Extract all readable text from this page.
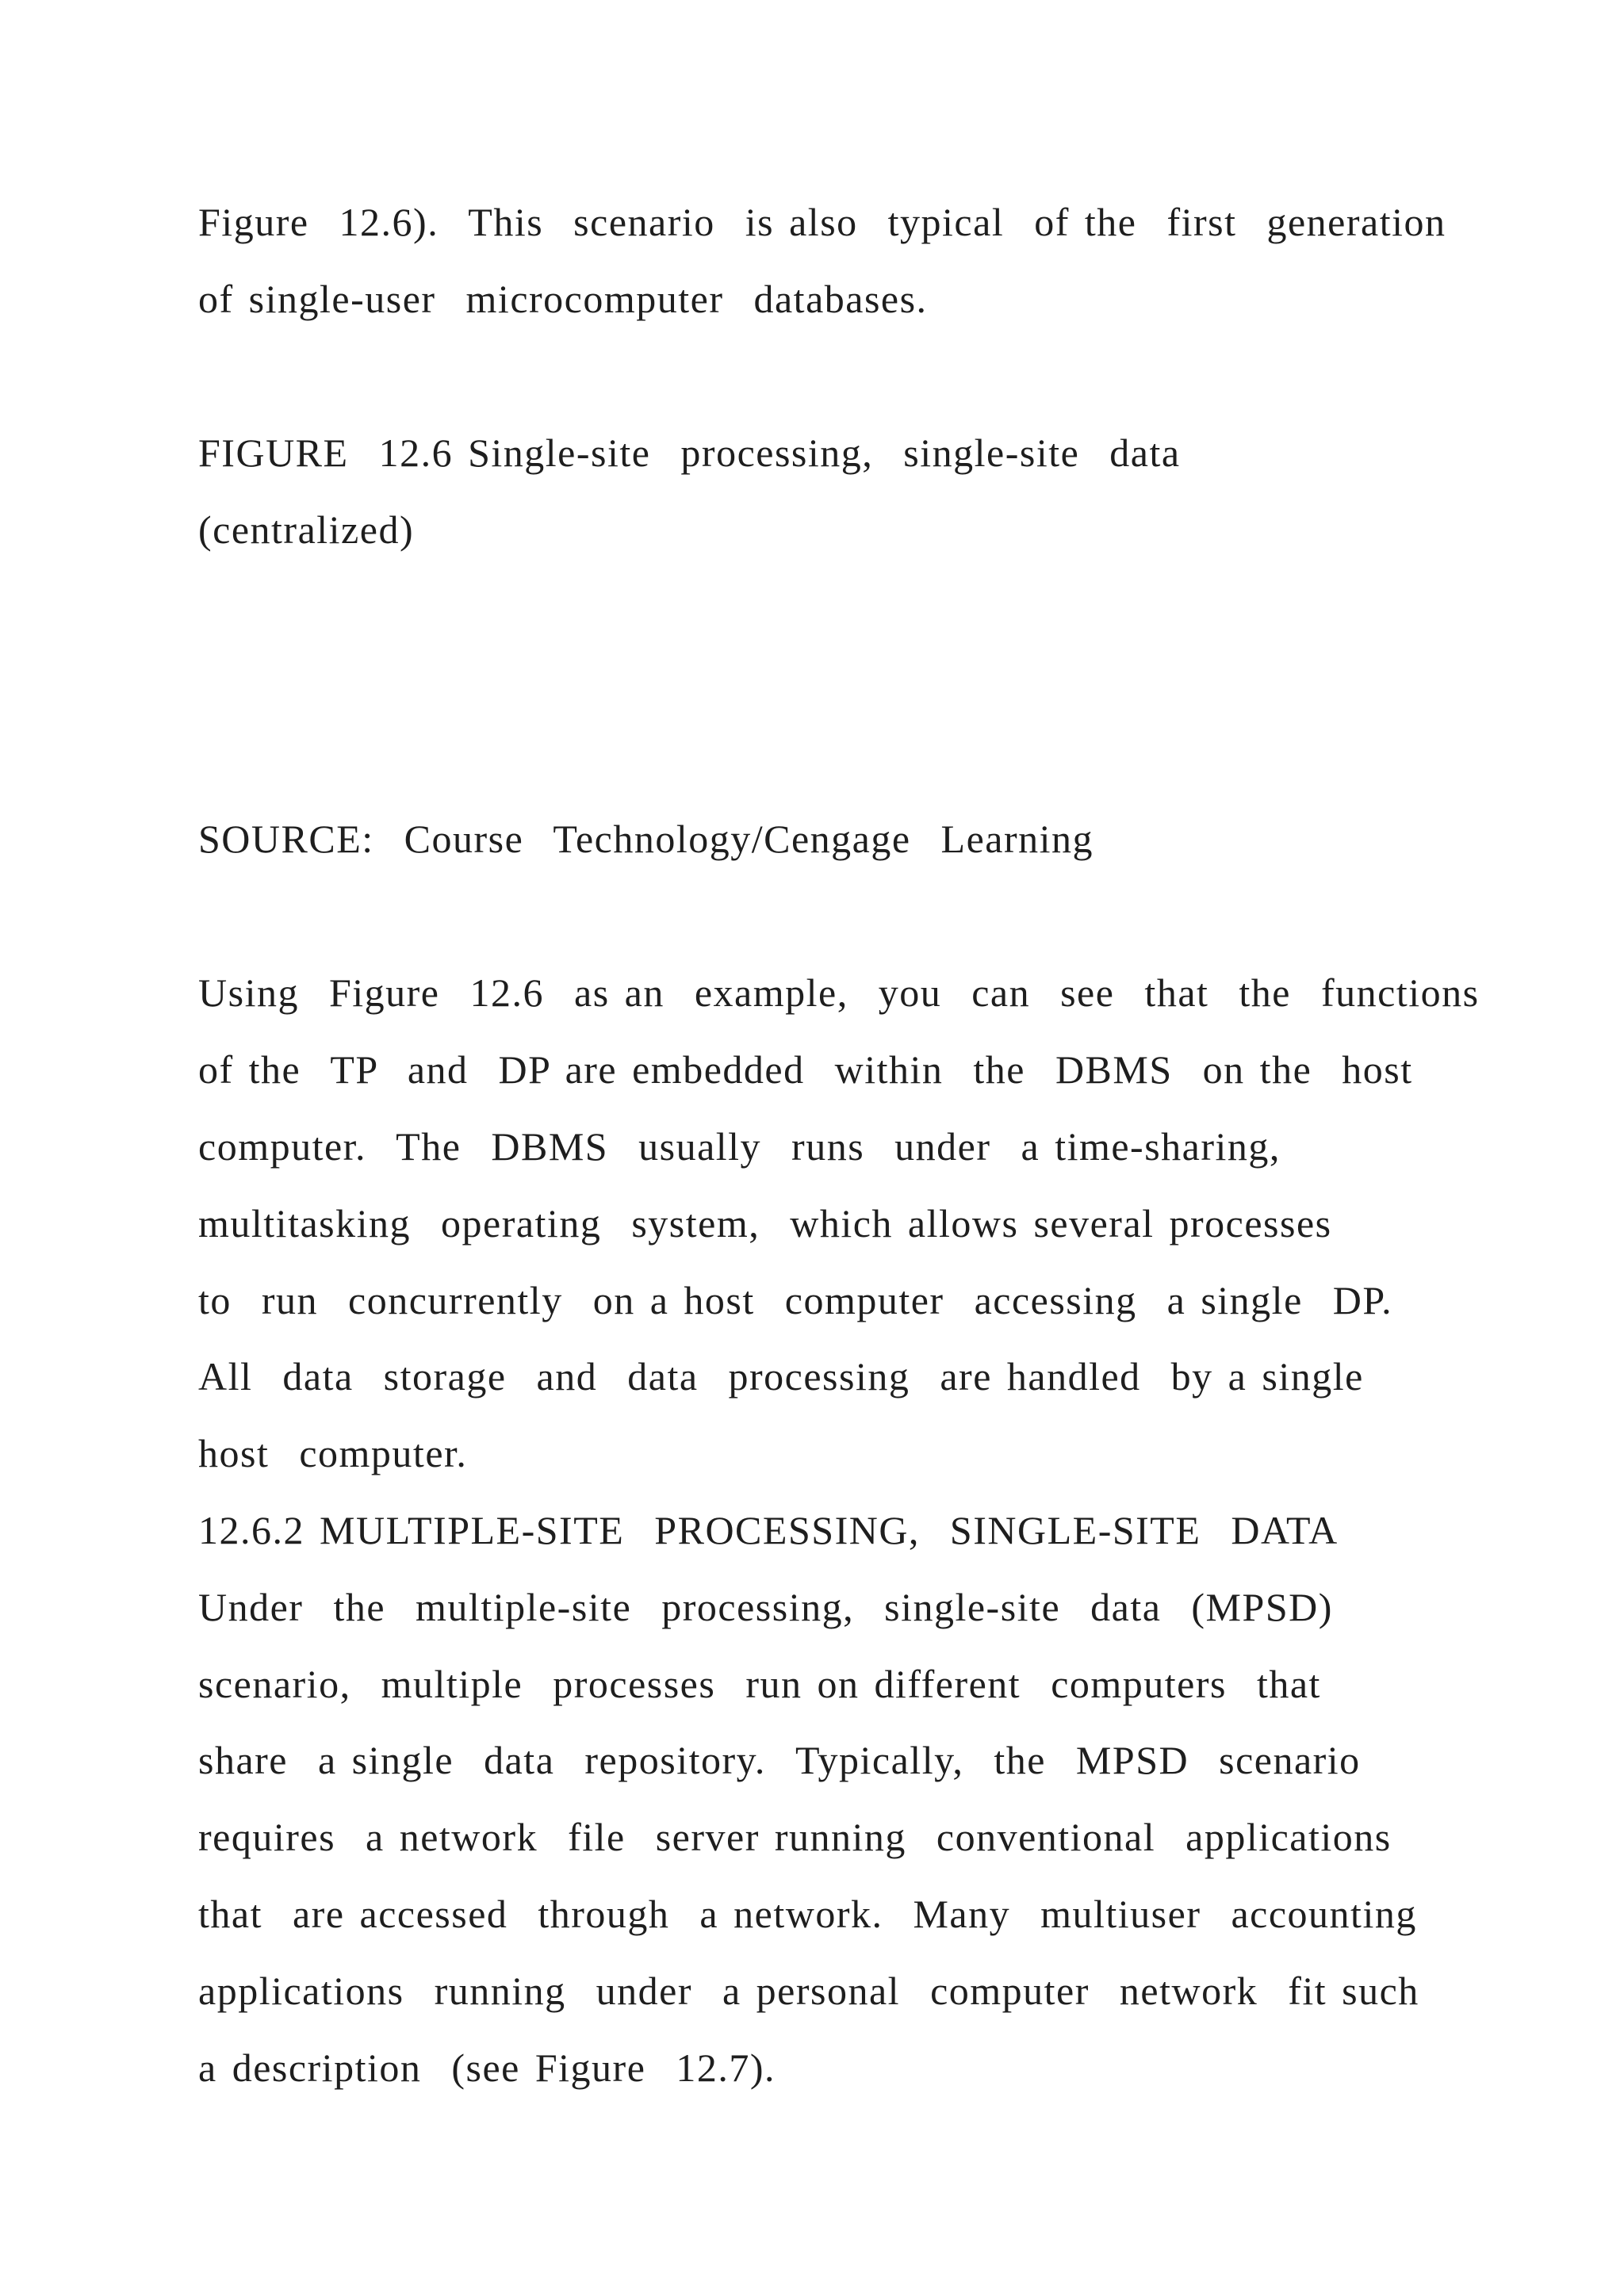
Figure  12.6).  This  scenario  is also  typical  of the  first  generation

of single-user  microcomputer  databases.

FIGURE  12.6 Single-site  processing,  single-site  data

(centralized)

SOURCE:  Course  Technology/Cengage  Learning

Using  Figure  12.6  as an  example,  you  can  see  that  the  functions

of the  TP  and  DP are embedded  within  the  DBMS  on the  host

computer.  The  DBMS  usually  runs  under  a time-sharing,

multitasking  operating  system,  which allows several processes

to  run  concurrently  on a host  computer  accessing  a single  DP.

All  data  storage  and  data  processing  are handled  by a single

host  computer.

12.6.2 MULTIPLE-SITE  PROCESSING,  SINGLE-SITE  DATA

Under  the  multiple-site  processing,  single-site  data  (MPSD)

scenario,  multiple  processes  run on different  computers  that

share  a single  data  repository.  Typically,  the  MPSD  scenario

requires  a network  file  server running  conventional  applications

that  are accessed  through  a network.  Many  multiuser  accounting

applications  running  under  a personal  computer  network  fit such

a description  (see Figure  12.7).
